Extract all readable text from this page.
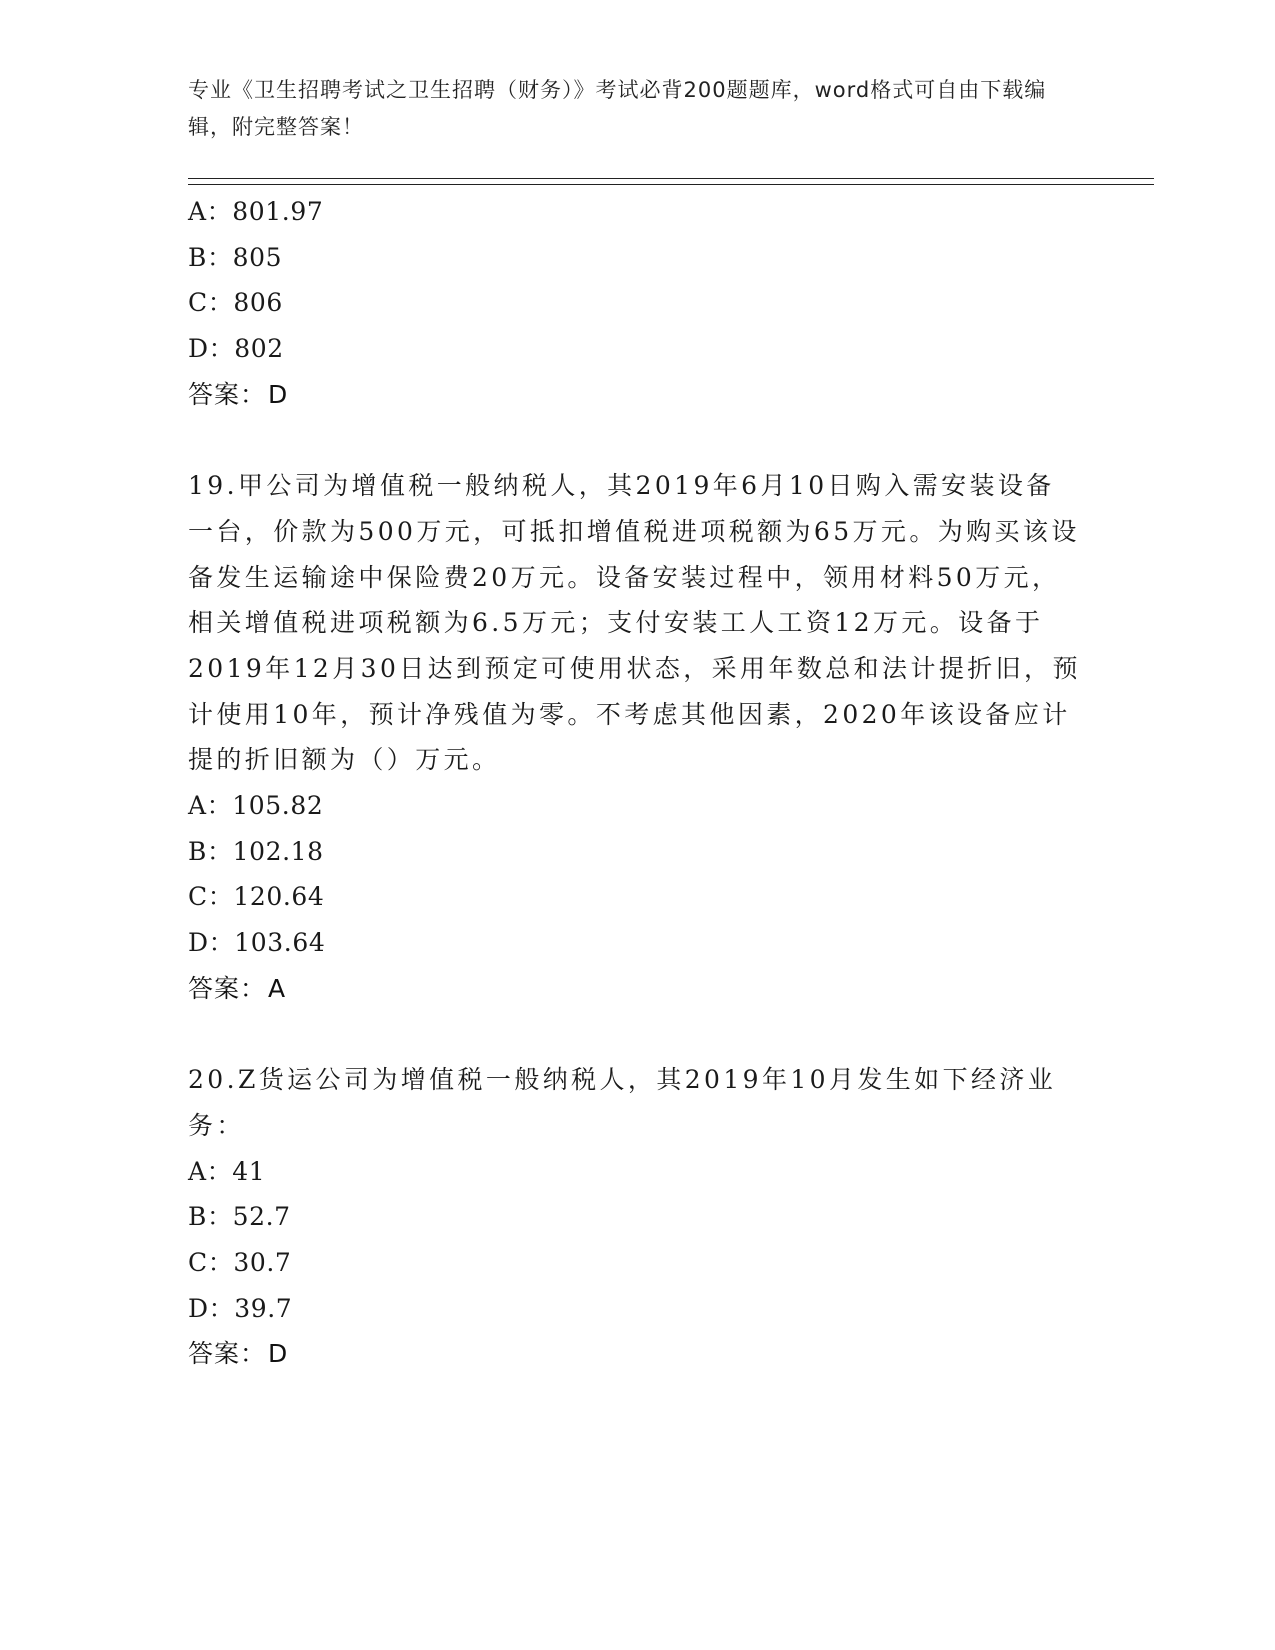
专业《卫生招聘考试之卫生招聘（财务）》考试必背200题题库，word格式可自由下载编辑，附完整答案！
A：801.97
B：805
C：806
D：802
答案：D
19.甲公司为增值税一般纳税人，其2019年6月10日购入需安装设备一台，价款为500万元，可抵扣增值税进项税额为65万元。为购买该设备发生运输途中保险费20万元。设备安装过程中，领用材料50万元，相关增值税进项税额为6.5万元；支付安装工人工资12万元。设备于2019年12月30日达到预定可使用状态，采用年数总和法计提折旧，预计使用10年，预计净残值为零。不考虑其他因素，2020年该设备应计提的折旧额为（）万元。
A：105.82
B：102.18
C：120.64
D：103.64
答案：A
20.Z货运公司为增值税一般纳税人，其2019年10月发生如下经济业务：
A：41
B：52.7
C：30.7
D：39.7
答案：D
